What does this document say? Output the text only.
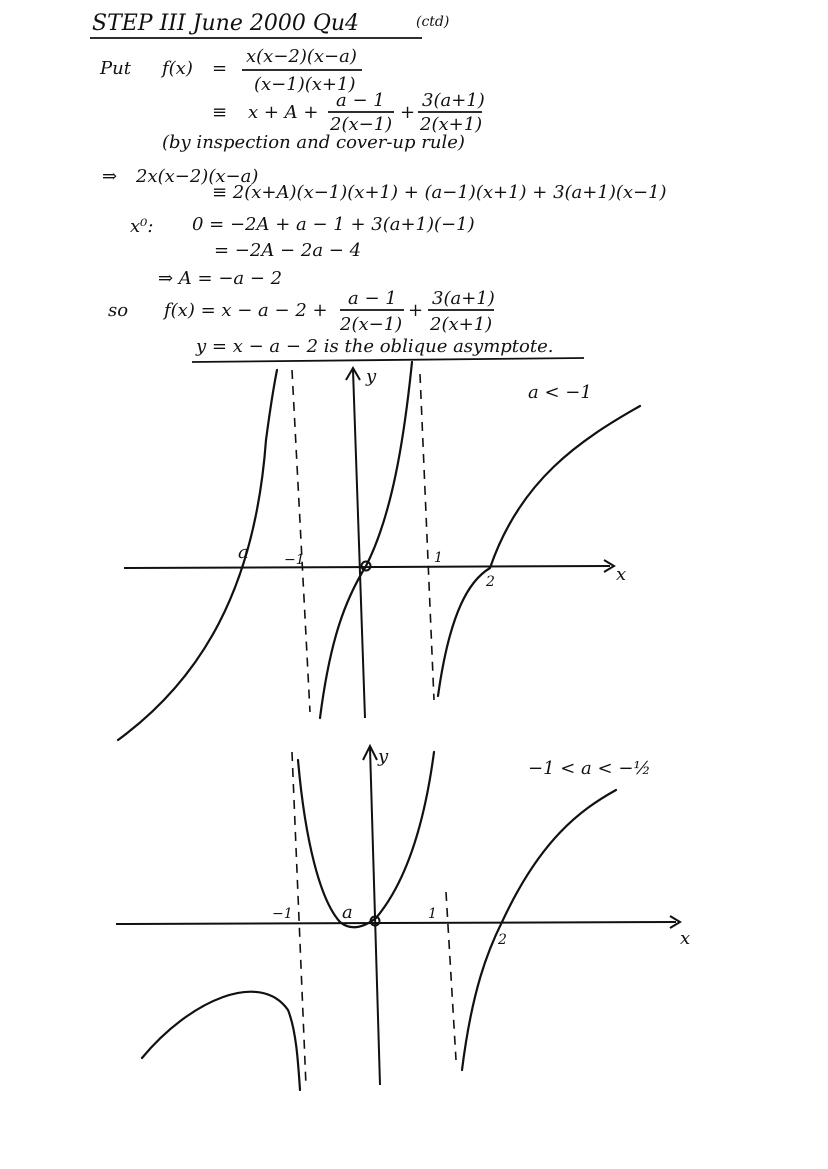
STEP III June 2000 Qu4	(ctd)
Put f(x) =
x(x−2)(x−a)
(x−1)(x+1)
≡ x + A +
a − 1
2(x−1)
+
3(a+1)
2(x+1)
(by inspection and cover-up rule)
⇒ 2x(x−2)(x−a)
≡ 2(x+A)(x−1)(x+1) + (a−1)(x+1) + 3(a+1)(x−1)
x⁰: 0 = −2A + a − 1 + 3(a+1)(−1)
= −2A − 2a − 4
⇒ A = −a − 2
so f(x) = x − a − 2 +
a − 1
2(x−1)
+
3(a+1)
2(x+1)
y = x − a − 2 is the oblique asymptote.
a < −1
x
y
a	−1	1
2
−1 < a < −½
x
y
a
−1	1
2
